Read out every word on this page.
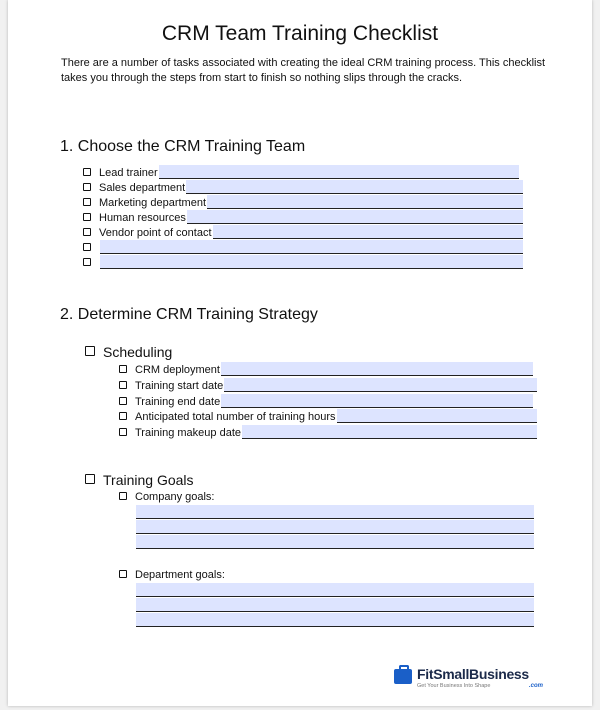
CRM Team Training Checklist
There are a number of tasks associated with creating the ideal CRM training process. This checklist takes you through the steps from start to finish so nothing slips through the cracks.
1. Choose the CRM Training Team
Lead trainer
Sales department
Marketing department
Human resources
Vendor point of contact
2. Determine CRM Training Strategy
Scheduling
CRM deployment
Training start date
Training end date
Anticipated total number of training hours
Training makeup date
Training Goals
Company goals:
Department goals:
FitSmallBusiness
Get Your Business Into Shape	.com
